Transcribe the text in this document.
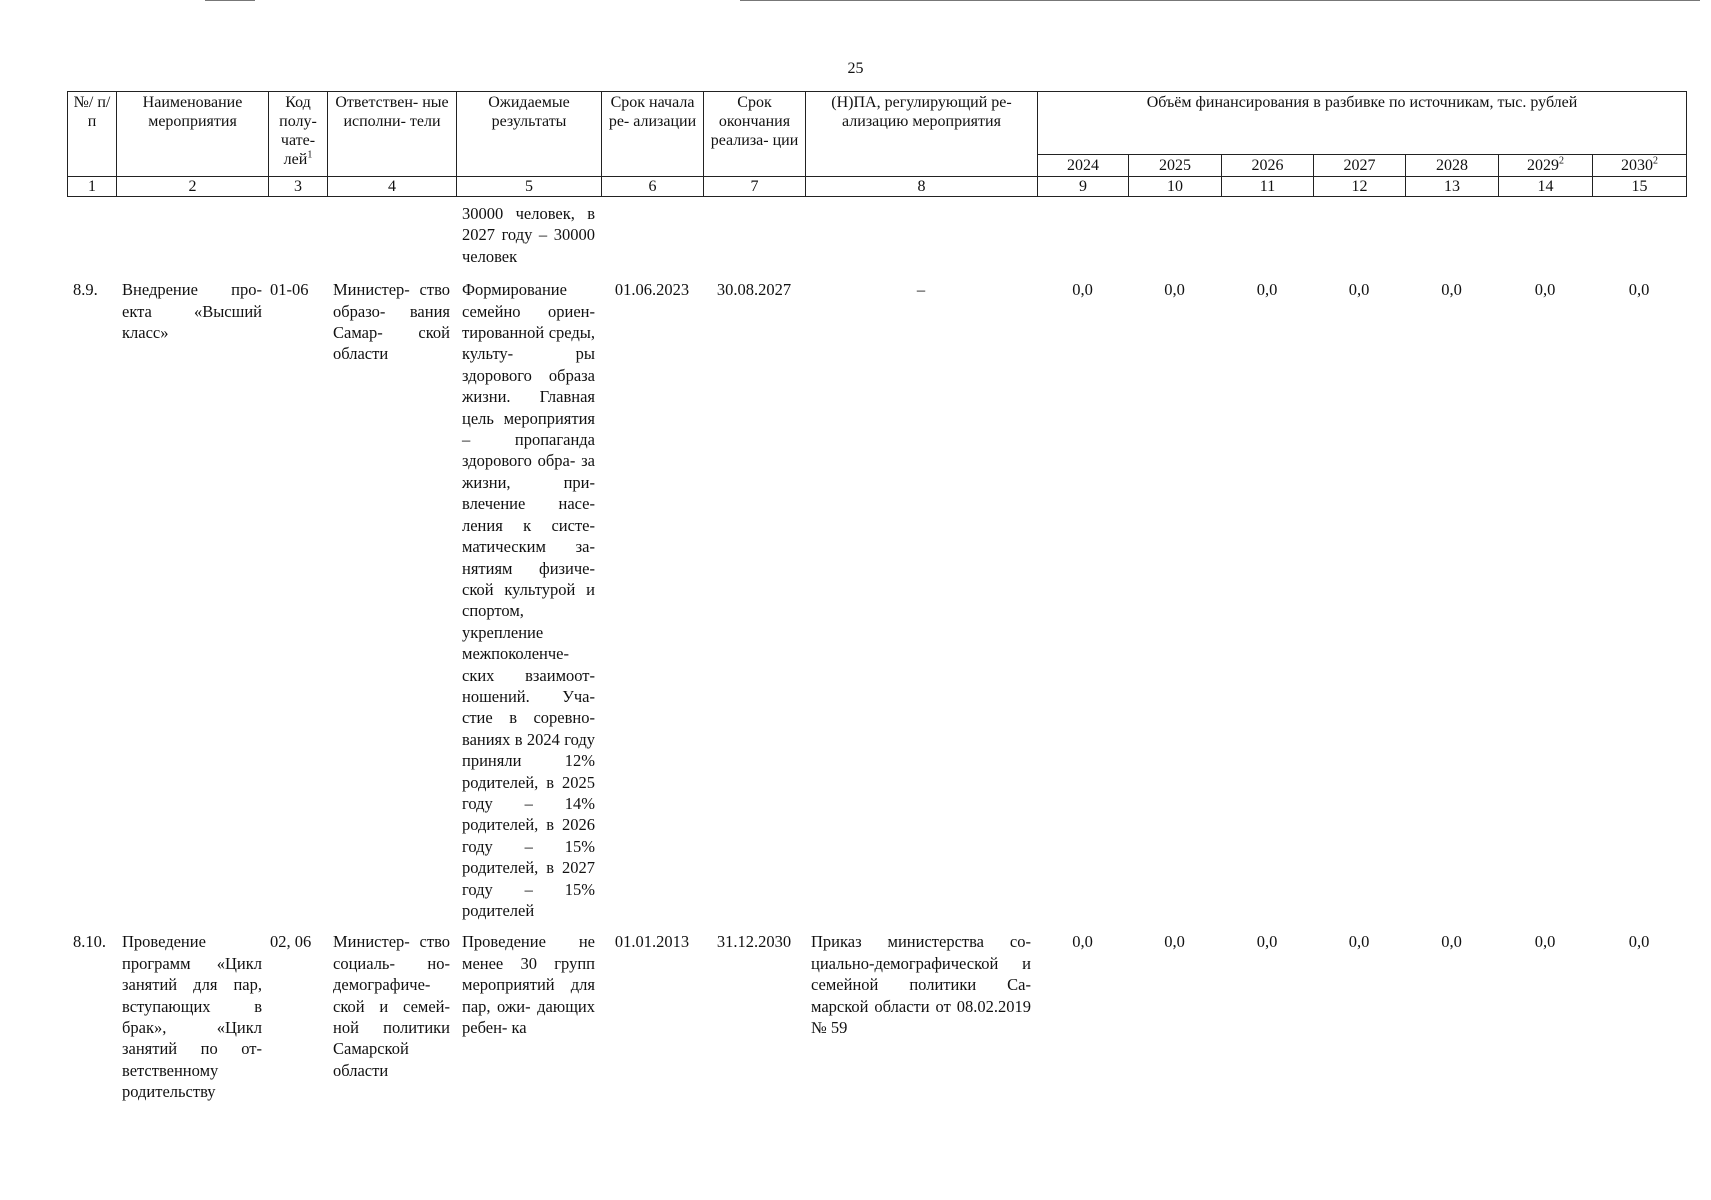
25
№/ п/п	Наименование мероприятия	Код полу- чате- лей$^1$	Ответствен- ные исполни- тели	Ожидаемые результаты	Срок начала ре- ализации	Срок окончания реализа- ции	(Н)ПА, регулирующий ре- ализацию мероприятия	Объём финансирования в разбивке по источникам, тыс. рублей						
								2024	2025	2026	2027	2028	2029$^2$	2030$^2$
1	2	3	4	5	6	7	8	9	10	11	12	13	14	15
				30000 человек, в 2027 году – 30000 человек										
8.9.	Внедрение про- екта «Высший класс»	01-06	Министер- ство образо- вания Самар- ской области	Формирование семейно ориен- тированной среды, культу- ры здорового образа жизни. Главная цель мероприятия – пропаганда здорового обра- за жизни, при- влечение насе- ления к систе- матическим за- нятиям физиче- ской культурой и спортом, укрепление межпоколенче- ских взаимоот- ношений. Уча- стие в соревно- ваниях в 2024 году приняли 12% родителей, в 2025 году – 14% родителей, в 2026 году – 15% родителей, в 2027 году – 15% родителей	01.06.2023	30.08.2027	–	0,0	0,0	0,0	0,0	0,0	0,0	0,0
8.10.	Проведение программ «Цикл занятий для пар, вступающих в брак», «Цикл занятий по от- ветственному родительству	02, 06	Министер- ство социаль- но- демографиче- ской и семей- ной политики Самарской области	Проведение не менее 30 групп мероприятий для пар, ожи- дающих ребен- ка	01.01.2013	31.12.2030	Приказ министерства со- циально-демографической и семейной политики Са- марской области от 08.02.2019 № 59	0,0	0,0	0,0	0,0	0,0	0,0	0,0
